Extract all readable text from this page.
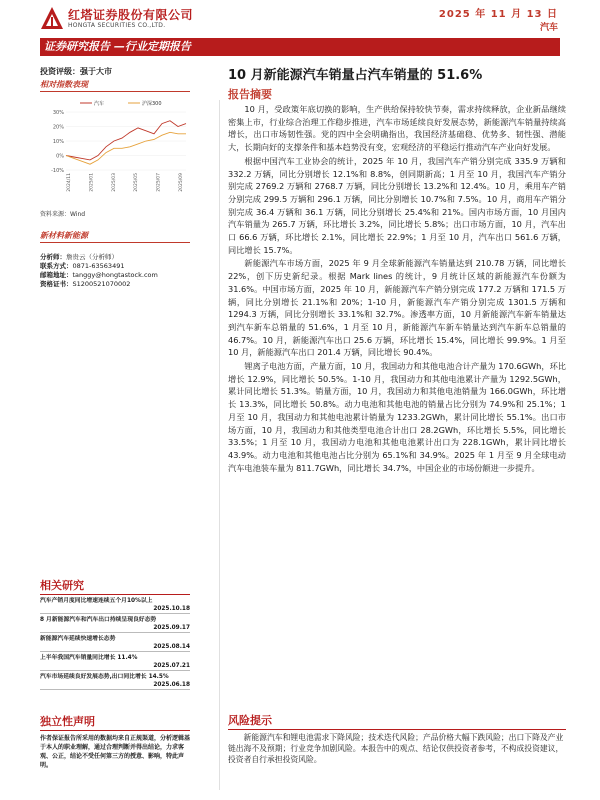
红塔证券股份有限公司
HONGTA SECURITIES CO.,LTD.
2025 年 11 月 13 日
汽车
证券研究报告 —行业定期报告
投资评级：强于大市
相对指数表现
汽车	沪深300
30%
20%
10%
0%
-10%
2024/11	2025/01	2025/03	2025/05	2025/07	2025/09
资料来源：Wind
新材料新能源
分析师：詹贵云（分析师）
联系方式：0871-63563491
邮箱地址：tanggy@hongtastock.com
资格证书：S1200521070002
相关研究
汽车产销月度同比增速连续五个月10%以上
2025.10.18
8 月新能源汽车和汽车出口持续呈现良好态势
2025.09.17
新能源汽车延续快速增长态势
2025.08.14
上半年我国汽车销量同比增长 11.4%
2025.07.21
汽车市场延续良好发展态势,出口同比增长 14.5%
2025.06.18
独立性声明
作者保证报告所采用的数据均来自正规渠道，分析逻辑基于本人的职业理解，通过合理判断并得出结论，力求客观、公正，结论不受任何第三方的授意、影响，特此声明。
10 月新能源汽车销量占汽车销量的 51.6%
报告摘要

10 月，受政策年底切换的影响，生产供给保持较快节奏，需求持续释放，企业新品继续密集上市，行业综合治理工作稳步推进，汽车市场延续良好发展态势，新能源汽车销量持续高增长，出口市场韧性强。党的四中全会明确指出，我国经济基础稳、优势多、韧性强、潜能大，长期向好的支撑条件和基本趋势没有变，宏观经济的平稳运行推动汽车产业向好发展。

根据中国汽车工业协会的统计，2025 年 10 月，我国汽车产销分别完成 335.9 万辆和 332.2 万辆，同比分别增长 12.1%和 8.8%，创同期新高；1 月至 10 月，我国汽车产销分别完成 2769.2 万辆和 2768.7 万辆，同比分别增长 13.2%和 12.4%。10 月，乘用车产销分别完成 299.5 万辆和 296.1 万辆，同比分别增长 10.7%和 7.5%。10 月，商用车产销分别完成 36.4 万辆和 36.1 万辆，同比分别增长 25.4%和 21%。国内市场方面，10 月国内汽车销量为 265.7 万辆，环比增长 3.2%，同比增长 5.8%；出口市场方面，10 月，汽车出口 66.6 万辆，环比增长 2.1%，同比增长 22.9%；1 月至 10 月，汽车出口 561.6 万辆，同比增长 15.7%。

新能源汽车市场方面，2025 年 9 月全球新能源汽车销量达到 210.78 万辆，同比增长 22%，创下历史新纪录。根据 Mark lines 的统计，9 月统计区域的新能源汽车份额为 31.6%。中国市场方面，2025 年 10 月，新能源汽车产销分别完成 177.2 万辆和 171.5 万辆，同比分别增长 21.1%和 20%；1-10 月，新能源汽车产销分别完成 1301.5 万辆和 1294.3 万辆，同比分别增长 33.1%和 32.7%。渗透率方面，10 月新能源汽车新车销量达到汽车新车总销量的 51.6%，1 月至 10 月，新能源汽车新车销量达到汽车新车总销量的 46.7%。10 月，新能源汽车出口 25.6 万辆，环比增长 15.4%，同比增长 99.9%。1 月至 10 月，新能源汽车出口 201.4 万辆，同比增长 90.4%。

锂离子电池方面，产量方面，10 月，我国动力和其他电池合计产量为 170.6GWh，环比增长 12.9%，同比增长 50.5%。1-10 月，我国动力和其他电池累计产量为 1292.5GWh，累计同比增长 51.3%。销量方面，10 月，我国动力和其他电池销量为 166.0GWh，环比增长 13.3%，同比增长 50.8%。动力电池和其他电池的销量占比分别为 74.9%和 25.1%；1 月至 10 月，我国动力和其他电池累计销量为 1233.2GWh，累计同比增长 55.1%。出口市场方面，10 月，我国动力和其他类型电池合计出口 28.2GWh，环比增长 5.5%，同比增长 33.5%；1 月至 10 月，我国动力电池和其他电池累计出口为 228.1GWh，累计同比增长 43.9%。动力电池和其他电池占比分别为 65.1%和 34.9%。2025 年 1 月至 9 月全球电动汽车电池装车量为 811.7GWh，同比增长 34.7%，中国企业的市场份额进一步提升。

风险提示
新能源汽车和锂电池需求下降风险；技术迭代风险；产品价格大幅下跌风险；出口下降及产业链出海不及预期；行业竞争加剧风险。本报告中的观点、结论仅供投资者参考，不构成投资建议，投资者自行承担投资风险。
